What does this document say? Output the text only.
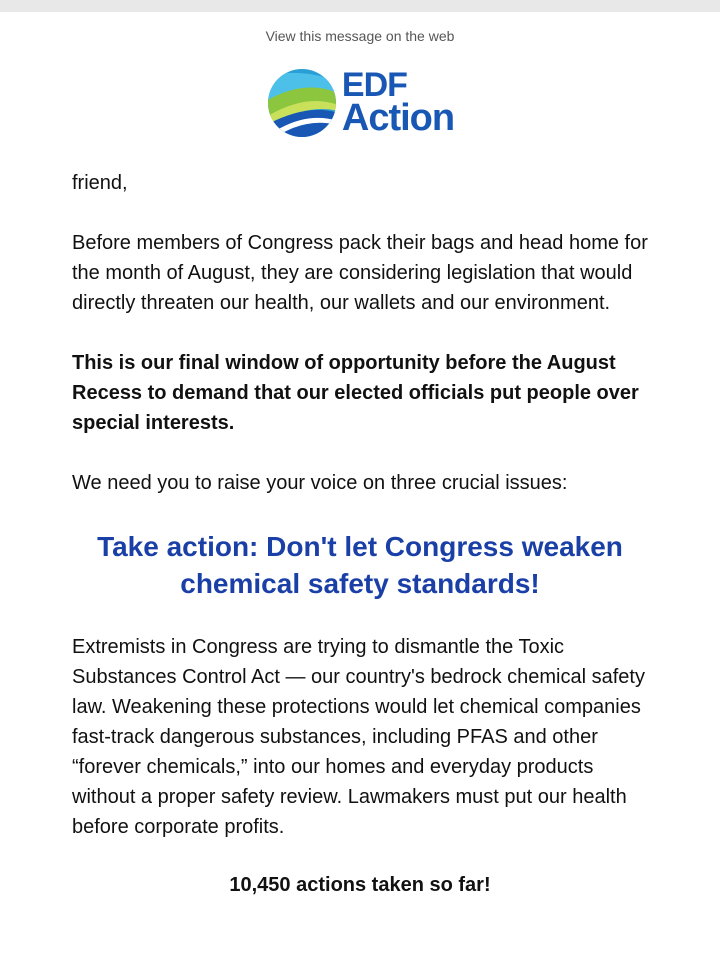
View this message on the web
EDF
Action

friend,

Before members of Congress pack their bags and head home for the month of August, they are considering legislation that would directly threaten our health, our wallets and our environment.

This is our final window of opportunity before the August Recess to demand that our elected officials put people over special interests.

We need you to raise your voice on three crucial issues:

Take action: Don't let Congress weaken chemical safety standards!

Extremists in Congress are trying to dismantle the Toxic Substances Control Act — our country's bedrock chemical safety law. Weakening these protections would let chemical companies fast-track dangerous substances, including PFAS and other “forever chemicals,” into our homes and everyday products without a proper safety review. Lawmakers must put our health before corporate profits.

10,450 actions taken so far!
